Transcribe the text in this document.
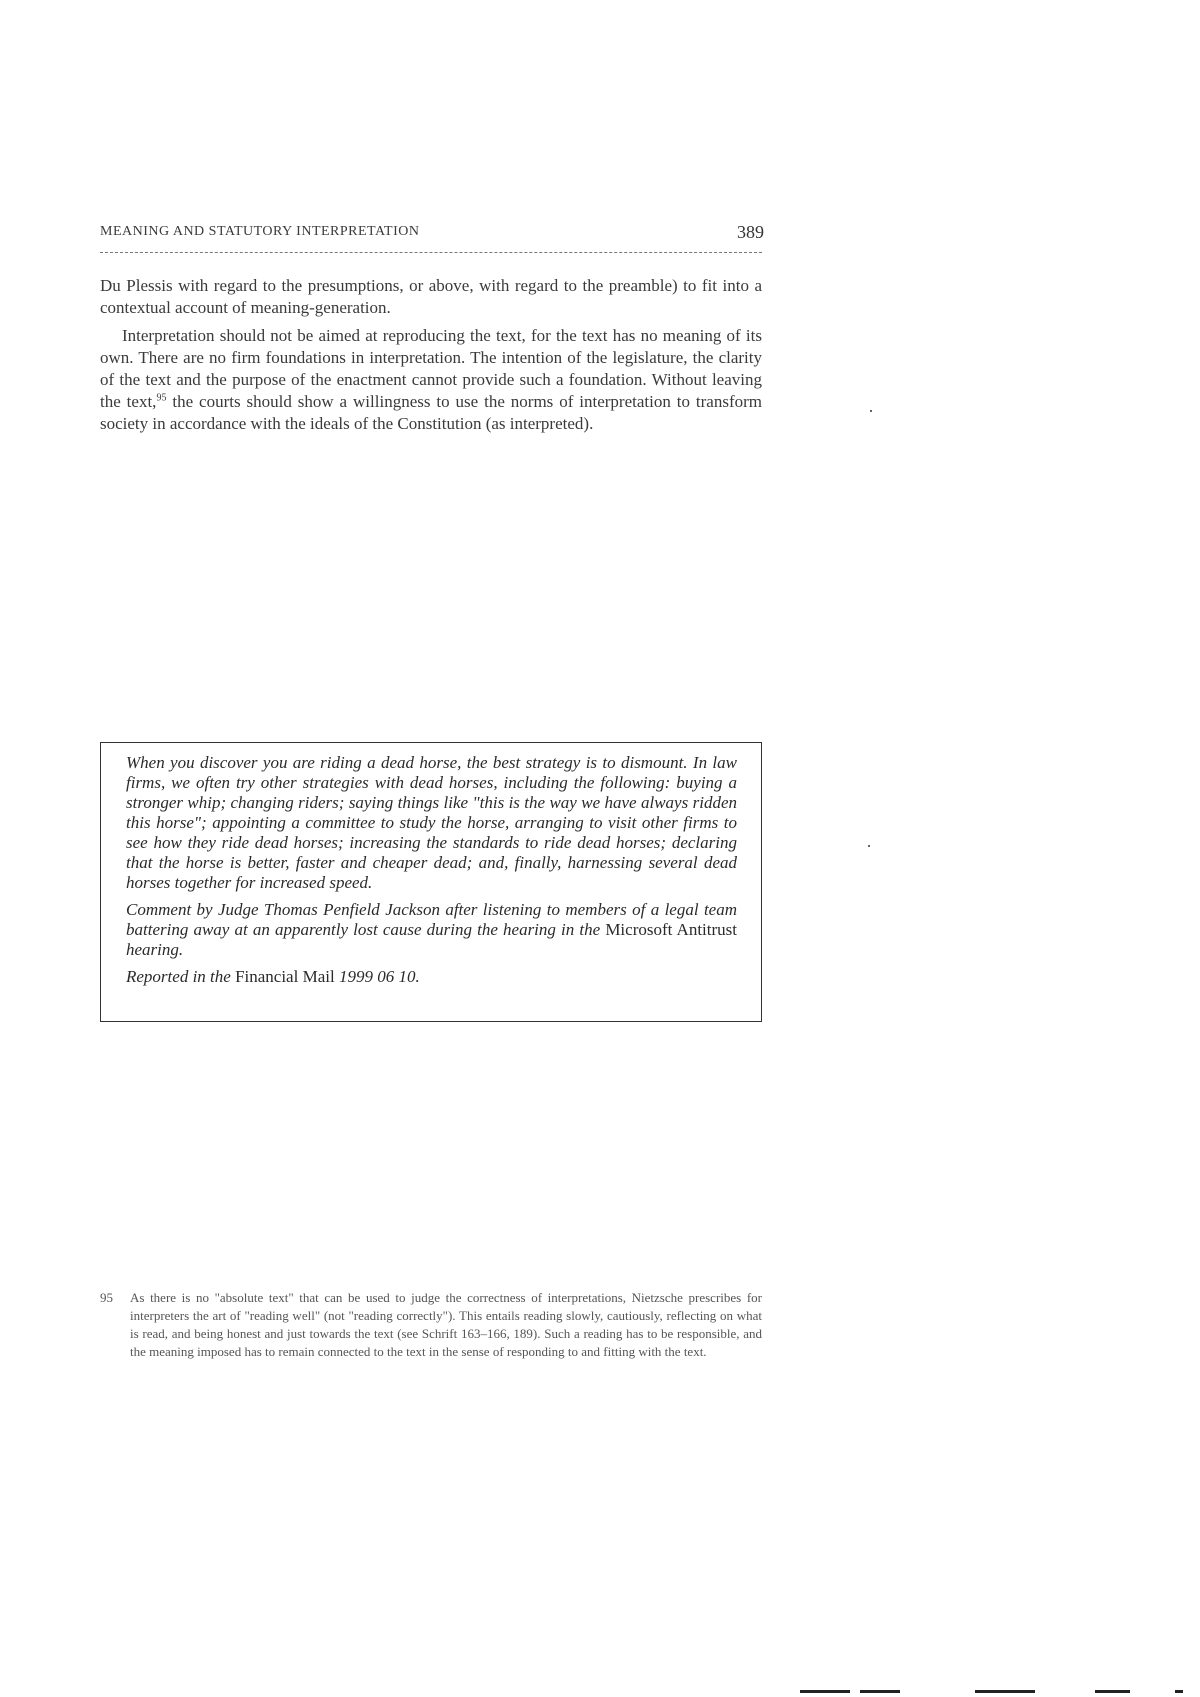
MEANING AND STATUTORY INTERPRETATION	389

Du Plessis with regard to the presumptions, or above, with regard to the preamble) to fit into a contextual account of meaning-generation.

Interpretation should not be aimed at reproducing the text, for the text has no meaning of its own. There are no firm foundations in interpretation. The intention of the legislature, the clarity of the text and the purpose of the enactment cannot provide such a foundation. Without leaving the text,$^{95}$ the courts should show a willingness to use the norms of interpretation to transform society in accordance with the ideals of the Constitution (as interpreted).

When you discover you are riding a dead horse, the best strategy is to dismount. In law firms, we often try other strategies with dead horses, including the following: buying a stronger whip; changing riders; saying things like "this is the way we have always ridden this horse"; appointing a committee to study the horse, arranging to visit other firms to see how they ride dead horses; increasing the standards to ride dead horses; declaring that the horse is better, faster and cheaper dead; and, finally, harnessing several dead horses together for increased speed.

Comment by Judge Thomas Penfield Jackson after listening to members of a legal team battering away at an apparently lost cause during the hearing in the Microsoft Antitrust hearing.

Reported in the Financial Mail 1999 06 10.

95 As there is no "absolute text" that can be used to judge the correctness of interpretations, Nietzsche prescribes for interpreters the art of "reading well" (not "reading correctly"). This entails reading slowly, cautiously, reflecting on what is read, and being honest and just towards the text (see Schrift 163–166, 189). Such a reading has to be responsible, and the meaning imposed has to remain connected to the text in the sense of responding to and fitting with the text.
